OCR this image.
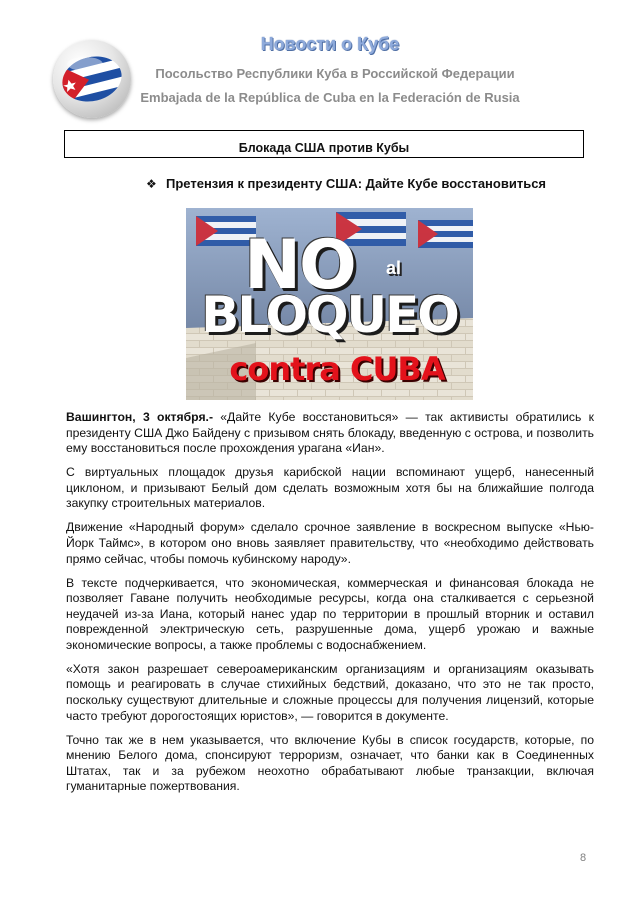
Новости о Кубе
Посольство Республики Куба в Российской Федерации
Embajada de la República de Cuba en la Federación de Rusia
Блокада США против Кубы
❖ Претензия к президенту США: Дайте Кубе восстановиться
NO	al
BLOQUEO
contra CUBA

Вашингтон, 3 октября.- «Дайте Кубе восстановиться» — так активисты обратились к президенту США Джо Байдену с призывом снять блокаду, введенную с острова, и позволить ему восстановиться после прохождения урагана «Иан».

С виртуальных площадок друзья карибской нации вспоминают ущерб, нанесенный циклоном, и призывают Белый дом сделать возможным хотя бы на ближайшие полгода закупку строительных материалов.

Движение «Народный форум» сделало срочное заявление в воскресном выпуске «Нью-Йорк Таймс», в котором оно вновь заявляет правительству, что «необходимо действовать прямо сейчас, чтобы помочь кубинскому народу».

В тексте подчеркивается, что экономическая, коммерческая и финансовая блокада не позволяет Гаване получить необходимые ресурсы, когда она сталкивается с серьезной неудачей из-за Иана, который нанес удар по территории в прошлый вторник и оставил поврежденной электрическую сеть, разрушенные дома, ущерб урожаю и важные экономические вопросы, а также проблемы с водоснабжением.

«Хотя закон разрешает североамериканским организациям и организациям оказывать помощь и реагировать в случае стихийных бедствий, доказано, что это не так просто, поскольку существуют длительные и сложные процессы для получения лицензий, которые часто требуют дорогостоящих юристов», — говорится в документе.

Точно так же в нем указывается, что включение Кубы в список государств, которые, по мнению Белого дома, спонсируют терроризм, означает, что банки как в Соединенных Штатах, так и за рубежом неохотно обрабатывают любые транзакции, включая гуманитарные пожертвования.

8
